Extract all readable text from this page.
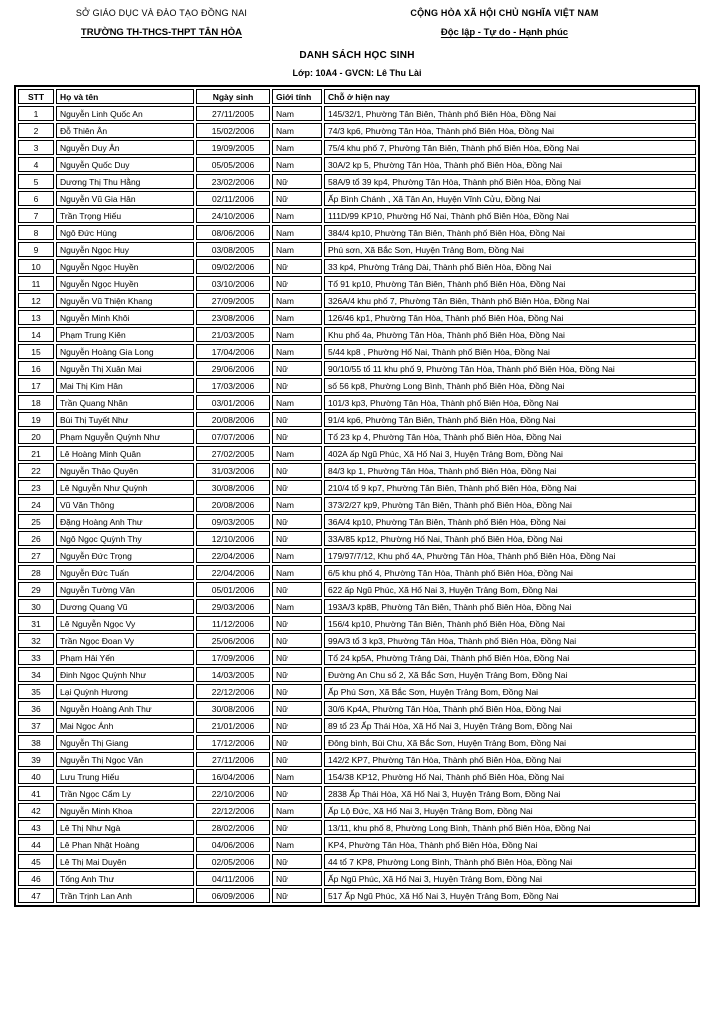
SỞ GIÁO DỤC VÀ ĐÀO TẠO ĐỒNG NAI
TRƯỜNG TH-THCS-THPT TÂN HÒA
CỘNG HÒA XÃ HỘI CHỦ NGHĨA VIỆT NAM
Độc lập - Tự do - Hạnh phúc
DANH SÁCH HỌC SINH
Lớp: 10A4 - GVCN: Lê Thu Lài
STT	Họ và tên	Ngày sinh	Giới tính	Chỗ ở hiện nay
1	Nguyễn Linh Quốc An	27/11/2005	Nam	145/32/1, Phường Tân Biên, Thành phố Biên Hòa, Đồng Nai
2	Đỗ Thiên Ân	15/02/2006	Nam	74/3 kp6, Phường Tân Hòa, Thành phố Biên Hòa, Đồng Nai
3	Nguyễn Duy Ân	19/09/2005	Nam	75/4 khu phố 7, Phường Tân Biên, Thành phố Biên Hòa, Đồng Nai
4	Nguyễn Quốc Duy	05/05/2006	Nam	30A/2 kp 5, Phường Tân Hòa, Thành phố Biên Hòa, Đồng Nai
5	Dương Thị Thu Hằng	23/02/2006	Nữ	58A/9 tổ 39 kp4, Phường Tân Hòa, Thành phố Biên Hòa, Đồng Nai
6	Nguyễn Vũ Gia Hân	02/11/2006	Nữ	Ấp Bình Chánh , Xã Tân An, Huyện Vĩnh Cửu, Đồng Nai
7	Trần Trọng Hiếu	24/10/2006	Nam	111D/99 KP10, Phường Hố Nai, Thành phố Biên Hòa, Đồng Nai
8	Ngô Đức Hùng	08/06/2006	Nam	384/4 kp10, Phường Tân Biên, Thành phố Biên Hòa, Đồng Nai
9	Nguyễn Ngọc Huy	03/08/2005	Nam	Phú sơn, Xã Bắc Sơn, Huyện Trảng Bom, Đồng Nai
10	Nguyễn Ngọc Huyền	09/02/2006	Nữ	33 kp4, Phường Trảng Dài, Thành phố Biên Hòa, Đồng Nai
11	Nguyễn Ngọc Huyền	03/10/2006	Nữ	Tổ 91 kp10, Phường Tân Biên, Thành phố Biên Hòa, Đồng Nai
12	Nguyễn Vũ Thiện Khang	27/09/2005	Nam	326A/4 khu phố 7, Phường Tân Biên, Thành phố Biên Hòa, Đồng Nai
13	Nguyễn Minh Khôi	23/08/2006	Nam	126/46 kp1, Phường Tân Hòa, Thành phố Biên Hòa, Đồng Nai
14	Phạm Trung Kiên	21/03/2005	Nam	Khu phố 4a, Phường Tân Hòa, Thành phố Biên Hòa, Đồng Nai
15	Nguyễn Hoàng Gia Long	17/04/2006	Nam	5/44 kp8 , Phường Hố Nai, Thành phố Biên Hòa, Đồng Nai
16	Nguyễn Thị Xuân Mai	29/06/2006	Nữ	90/10/55 tổ 11 khu phố 9, Phường Tân Hòa, Thành phố Biên Hòa, Đồng Nai
17	Mai Thị Kim Hân	17/03/2006	Nữ	số 56 kp8, Phường Long Bình, Thành phố Biên Hòa, Đồng Nai
18	Trần Quang Nhân	03/01/2006	Nam	101/3 kp3, Phường Tân Hòa, Thành phố Biên Hòa, Đồng Nai
19	Bùi Thị Tuyết Như	20/08/2006	Nữ	91/4 kp6, Phường Tân Biên, Thành phố Biên Hòa, Đồng Nai
20	Phạm Nguyễn Quỳnh Như	07/07/2006	Nữ	Tổ 23 kp 4, Phường Tân Hòa, Thành phố Biên Hòa, Đồng Nai
21	Lê Hoàng Minh Quân	27/02/2005	Nam	402A ấp Ngũ Phúc, Xã Hố Nai 3, Huyện Trảng Bom, Đồng Nai
22	Nguyễn Thảo Quyên	31/03/2006	Nữ	84/3 kp 1, Phường Tân Hòa, Thành phố Biên Hòa, Đồng Nai
23	Lê Nguyễn Như Quỳnh	30/08/2006	Nữ	210/4 tổ 9 kp7, Phường Tân Biên, Thành phố Biên Hòa, Đồng Nai
24	Vũ Văn Thông	20/08/2006	Nam	373/2/27 kp9, Phường Tân Biên, Thành phố Biên Hòa, Đồng Nai
25	Đặng Hoàng Anh Thư	09/03/2005	Nữ	36A/4 kp10, Phường Tân Biên, Thành phố Biên Hòa, Đồng Nai
26	Ngô Ngọc Quỳnh Thy	12/10/2006	Nữ	33A/85 kp12, Phường Hố Nai, Thành phố Biên Hòa, Đồng Nai
27	Nguyễn Đức Trọng	22/04/2006	Nam	179/97/7/12, Khu phố 4A, Phường Tân Hòa, Thành phố Biên Hòa, Đồng Nai
28	Nguyễn Đức Tuấn	22/04/2006	Nam	6/5 khu phố 4, Phường Tân Hòa, Thành phố Biên Hòa, Đồng Nai
29	Nguyễn Tường Vân	05/01/2006	Nữ	622 ấp Ngũ Phúc, Xã Hố Nai 3, Huyện Trảng Bom, Đồng Nai
30	Dương Quang Vũ	29/03/2006	Nam	193A/3 kp8B, Phường Tân Biên, Thành phố Biên Hòa, Đồng Nai
31	Lê Nguyễn Ngọc Vy	11/12/2006	Nữ	156/4 kp10, Phường Tân Biên, Thành phố Biên Hòa, Đồng Nai
32	Trần Ngọc Đoan Vy	25/06/2006	Nữ	99A/3 tổ 3 kp3, Phường Tân Hòa, Thành phố Biên Hòa, Đồng Nai
33	Phạm Hải Yến	17/09/2006	Nữ	Tổ 24 kp5A, Phường Trảng Dài, Thành phố Biên Hòa, Đồng Nai
34	Đinh Ngọc Quỳnh Như	14/03/2005	Nữ	Đường An Chu số 2, Xã Bắc Sơn, Huyện Trảng Bom, Đồng Nai
35	Lại Quỳnh Hương	22/12/2006	Nữ	Ấp Phú Sơn, Xã Bắc Sơn, Huyện Trảng Bom, Đồng Nai
36	Nguyễn Hoàng Anh Thư	30/08/2006	Nữ	30/6 Kp4A, Phường Tân Hòa, Thành phố Biên Hòa, Đồng Nai
37	Mai Ngọc Ánh	21/01/2006	Nữ	89 tổ 23 Ấp Thái Hòa, Xã Hố Nai 3, Huyện Trảng Bom, Đồng Nai
38	Nguyễn Thị Giang	17/12/2006	Nữ	Đông bình, Bùi Chu, Xã Bắc Sơn, Huyện Trảng Bom, Đồng Nai
39	Nguyễn Thị Ngọc Vân	27/11/2006	Nữ	142/2 KP7, Phường Tân Hòa, Thành phố Biên Hòa, Đồng Nai
40	Lưu Trung Hiếu	16/04/2006	Nam	154/38 KP12, Phường Hố Nai, Thành phố Biên Hòa, Đồng Nai
41	Trần Ngọc Cẩm Ly	22/10/2006	Nữ	2838 Ấp Thái Hòa, Xã Hố Nai 3, Huyện Trảng Bom, Đồng Nai
42	Nguyễn Minh Khoa	22/12/2006	Nam	Ấp Lộ Đức, Xã Hố Nai 3, Huyện Trảng Bom, Đồng Nai
43	Lê Thị Như Ngà	28/02/2006	Nữ	13/11, khu phố 8, Phường Long Bình, Thành phố Biên Hòa, Đồng Nai
44	Lê Phan Nhật Hoàng	04/06/2006	Nam	KP4, Phường Tân Hòa, Thành phố Biên Hòa, Đồng Nai
45	Lê Thị Mai Duyên	02/05/2006	Nữ	44 tổ 7 KP8, Phường Long Bình, Thành phố Biên Hòa, Đồng Nai
46	Tống Anh Thư	04/11/2006	Nữ	Ấp Ngũ Phúc, Xã Hố Nai 3, Huyện Trảng Bom, Đồng Nai
47	Trần Trịnh Lan Anh	06/09/2006	Nữ	517 Ấp Ngũ Phúc, Xã Hố Nai 3, Huyện Trảng Bom, Đồng Nai
